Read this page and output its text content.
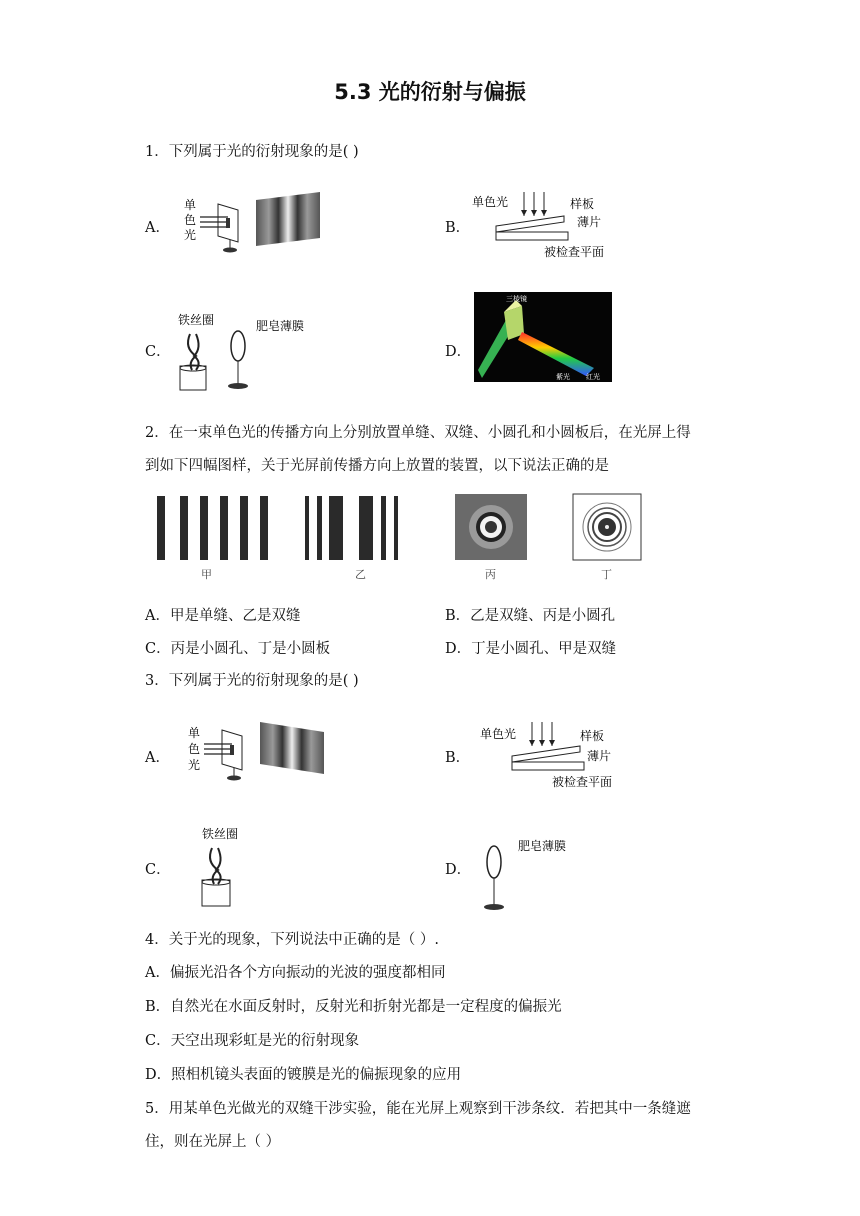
5.3 光的衍射与偏振
1．下列属于光的衍射现象的是( )
A．
单
色
光	B．
单色光	样板
薄片
被检查平面
C．
铁丝圈	肥皂薄膜
D．
三棱镜
紫光 红光
2．在一束单色光的传播方向上分别放置单缝、双缝、小圆孔和小圆板后，在光屏上得
到如下四幅图样，关于光屏前传播方向上放置的装置，以下说法正确的是
甲	乙	丙	丁
A．甲是单缝、乙是双缝	B．乙是双缝、丙是小圆孔
C．丙是小圆孔、丁是小圆板	D．丁是小圆孔、甲是双缝
3．下列属于光的衍射现象的是( )
A．
单
色
光	B．
单色光	样板
薄片
被检查平面
C．
铁丝圈
D．
肥皂薄膜
4．关于光的现象，下列说法中正确的是（ ）.
A．偏振光沿各个方向振动的光波的强度都相同
B．自然光在水面反射时，反射光和折射光都是一定程度的偏振光
C．天空出现彩虹是光的衍射现象
D．照相机镜头表面的镀膜是光的偏振现象的应用
5．用某单色光做光的双缝干涉实验，能在光屏上观察到干涉条纹．若把其中一条缝遮
住，则在光屏上（ ）
